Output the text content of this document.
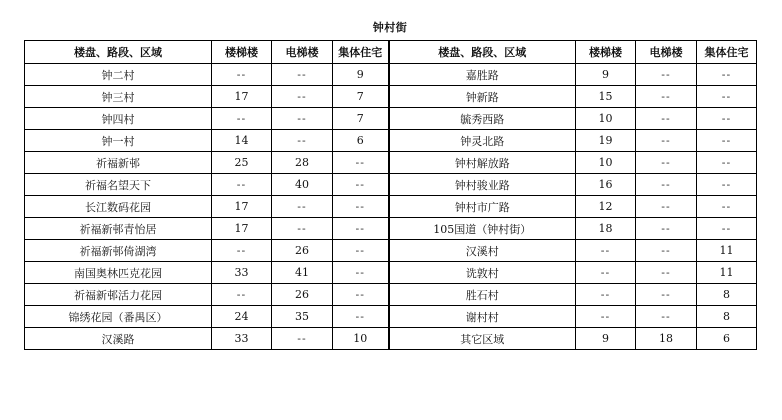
钟村街
楼盘、路段、区域	楼梯楼	电梯楼	集体住宅	楼盘、路段、区域	楼梯楼	电梯楼	集体住宅
钟二村	--	--	9	嘉胜路	9	--	--
钟三村	17	--	7	钟新路	15	--	--
钟四村	--	--	7	毓秀西路	10	--	--
钟一村	14	--	6	钟灵北路	19	--	--
祈福新邨	25	28	--	钟村解放路	10	--	--
祈福名望天下	--	40	--	钟村骏业路	16	--	--
长江数码花园	17	--	--	钟村市广路	12	--	--
祈福新邨青怡居	17	--	--	105国道（钟村街）	18	--	--
祈福新邨倚湖湾	--	26	--	汉溪村	--	--	11
南国奥林匹克花园	33	41	--	诜敦村	--	--	11
祈福新邨活力花园	--	26	--	胜石村	--	--	8
锦绣花园（番禺区）	24	35	--	谢村村	--	--	8
汉溪路	33	--	10	其它区域	9	18	6
